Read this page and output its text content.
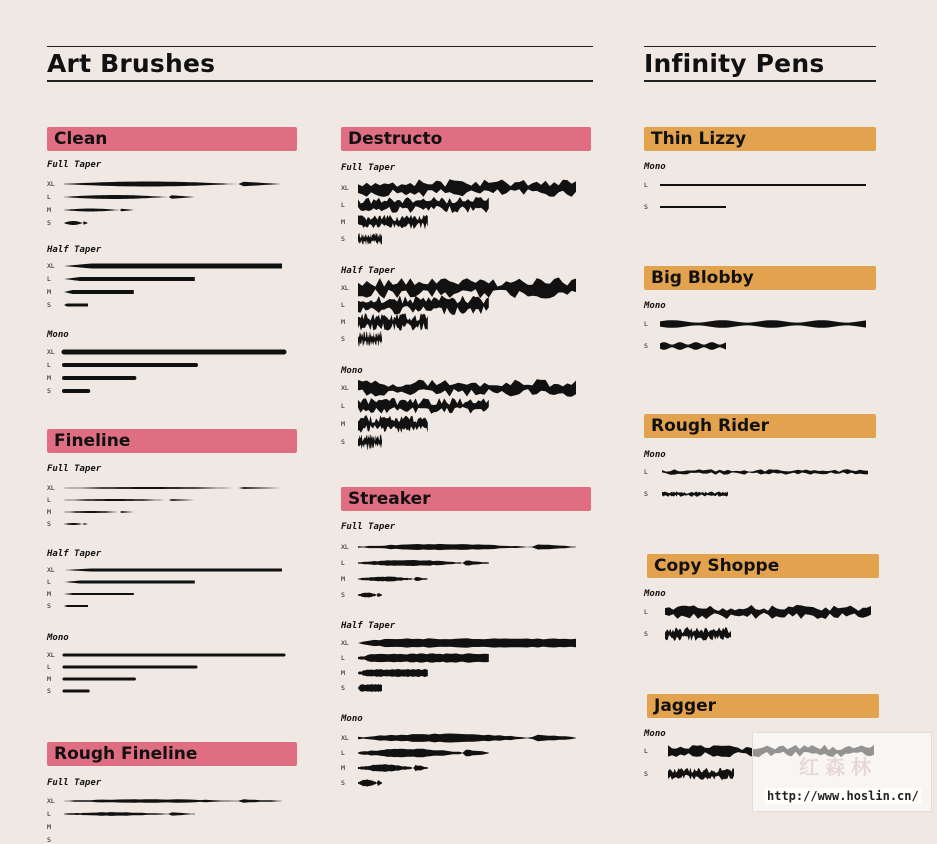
Art Brushes	Infinity Pens
Clean
Fineline
Rough Fineline
Destructo
Streaker
Thin Lizzy
Big Blobby
Rough Rider
Copy Shoppe
Jagger
Full Taper
XL
L
M
S
Half Taper
XL
L
M
S
Mono
XL
L
M
S
Full Taper
XL
L
M
S
Half Taper
XL
L
M
S
Mono
XL
L
M
S
Full Taper
XL
L
M
S
Full Taper
XL
L
M
S
Half Taper
XL
L
M
S
Mono
XL
L
M
S
Full Taper
XL
L
M
S
Half Taper
XL
L
M
S
Mono
XL
L
M
S
Mono
L
S
Mono
L
S
Mono
L
S
Mono
L
S
Mono
L
S	红森林
http://www.hoslin.cn/
